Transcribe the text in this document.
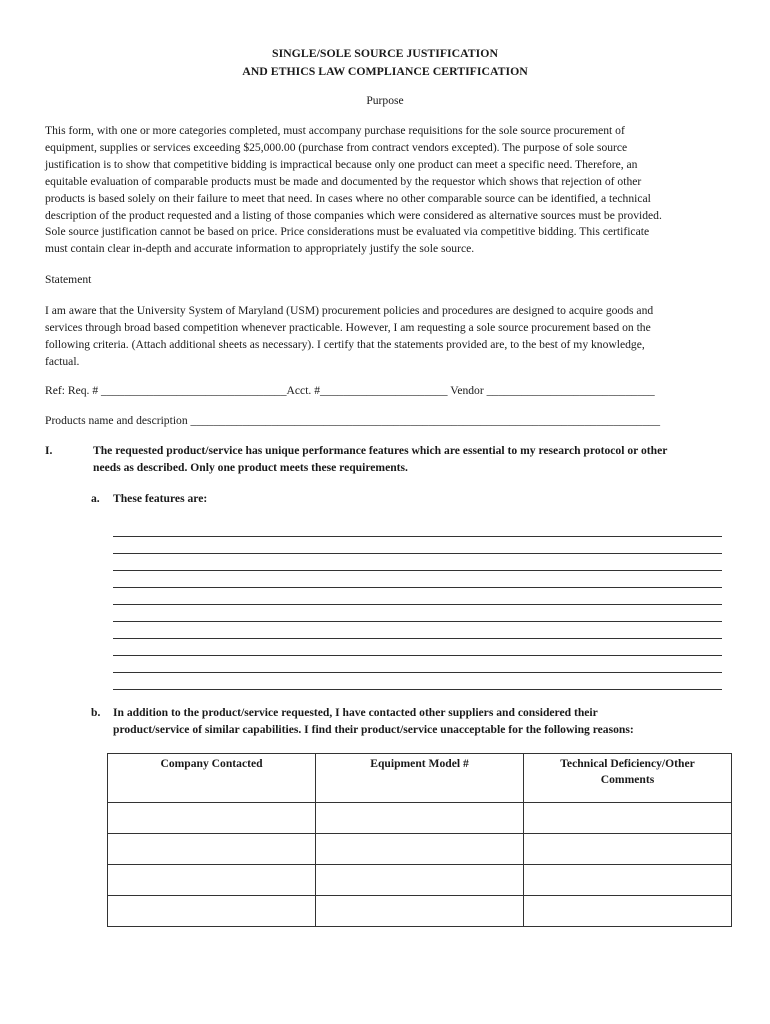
SINGLE/SOLE SOURCE JUSTIFICATION
AND ETHICS LAW COMPLIANCE CERTIFICATION
Purpose

This form, with one or more categories completed, must accompany purchase requisitions for the sole source procurement of

equipment, supplies or services exceeding $25,000.00 (purchase from contract vendors excepted). The purpose of sole source

justification is to show that competitive bidding is impractical because only one product can meet a specific need. Therefore, an

equitable evaluation of comparable products must be made and documented by the requestor which shows that rejection of other

products is based solely on their failure to meet that need. In cases where no other comparable source can be identified, a technical

description of the product requested and a listing of those companies which were considered as alternative sources must be provided.

Sole source justification cannot be based on price. Price considerations must be evaluated via competitive bidding. This certificate

must contain clear in-depth and accurate information to appropriately justify the sole source.

Statement

I am aware that the University System of Maryland (USM) procurement policies and procedures are designed to acquire goods and

services through broad based competition whenever practicable. However, I am requesting a sole source procurement based on the

following criteria. (Attach additional sheets as necessary). I certify that the statements provided are, to the best of my knowledge,

factual.

Ref: Req. # ________________________________Acct. #______________________ Vendor _____________________________
Products name and description _________________________________________________________________________________
I.	The requested product/service has unique performance features which are essential to my research protocol or other
needs as described. Only one product meets these requirements.
a. These features are:
b. In addition to the product/service requested, I have contacted other suppliers and considered their
product/service of similar capabilities. I find their product/service unacceptable for the following reasons:
Company Contacted	Equipment Model #	Technical Deficiency/Other
Comments
